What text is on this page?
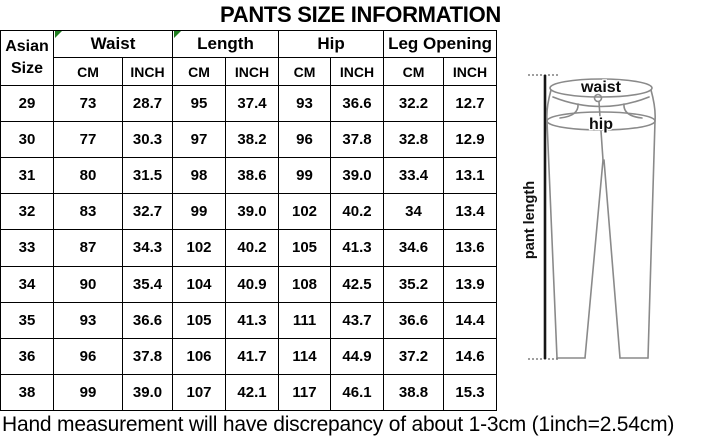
PANTS SIZE INFORMATION
Asian Size	Waist		Length		Hip		Leg Opening	
	CM	INCH	CM	INCH	CM	INCH	CM	INCH
29	73	28.7	95	37.4	93	36.6	32.2	12.7
30	77	30.3	97	38.2	96	37.8	32.8	12.9
31	80	31.5	98	38.6	99	39.0	33.4	13.1
32	83	32.7	99	39.0	102	40.2	34	13.4
33	87	34.3	102	40.2	105	41.3	34.6	13.6
34	90	35.4	104	40.9	108	42.5	35.2	13.9
35	93	36.6	105	41.3	111	43.7	36.6	14.4
36	96	37.8	106	41.7	114	44.9	37.2	14.6
38	99	39.0	107	42.1	117	46.1	38.8	15.3
pant length
waist
hip

Hand measurement will have discrepancy of about 1-3cm (1inch=2.54cm)
